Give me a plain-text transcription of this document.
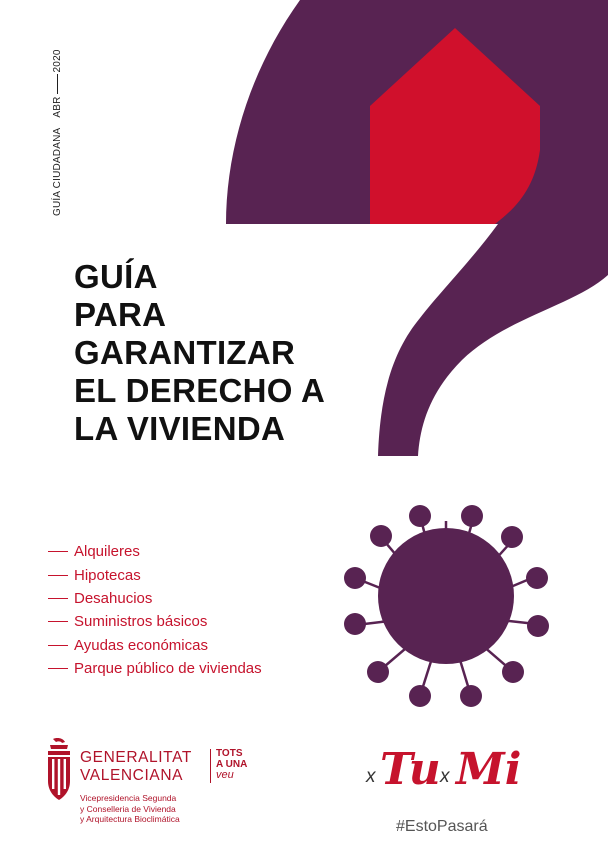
GUÍA CIUDADANA
ABR
2020
GUÍA
PARA
GARANTIZAR
EL DERECHO A
LA VIVIENDA
Alquileres
Hipotecas
Desahucios
Suministros básicos
Ayudas económicas
Parque público de viviendas
GENERALITAT
VALENCIANA
TOTS
A UNA
veu
Vicepresidencia Segunda
y Conselleria de Vivienda
y Arquitectura Bioclimática
x Tu x Mi
#EstoPasará
